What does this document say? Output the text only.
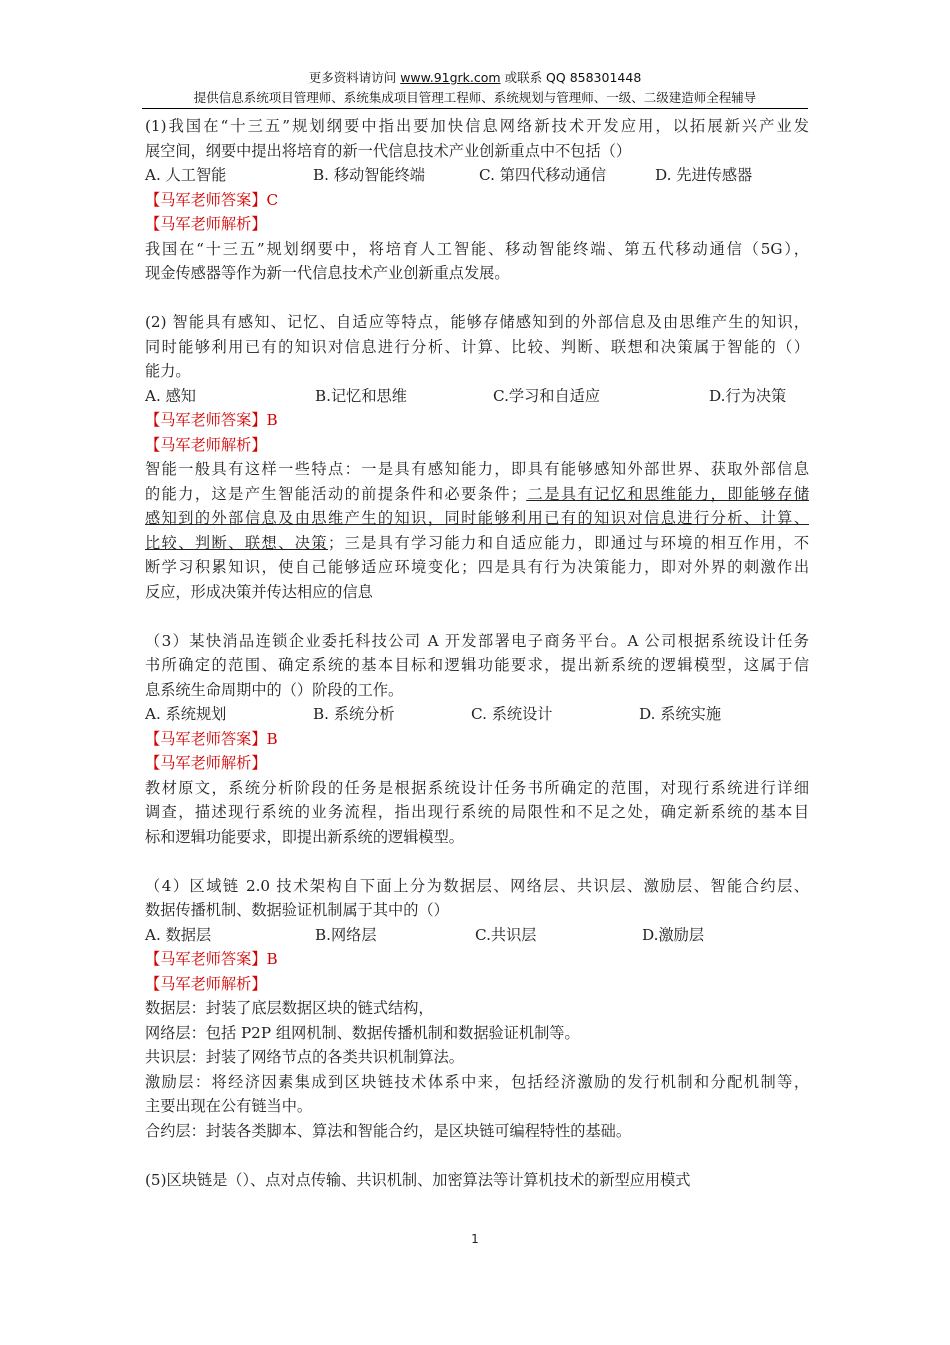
更多资料请访问 www.91grk.com 或联系 QQ 858301448
提供信息系统项目管理师、系统集成项目管理工程师、系统规划与管理师、一级、二级建造师全程辅导
(1)我国在“十三五”规划纲要中指出要加快信息网络新技术开发应用，以拓展新兴产业发
展空间，纲要中提出将培育的新一代信息技术产业创新重点中不包括（）
A. 人工智能	B. 移动智能终端	C. 第四代移动通信	D. 先进传感器
【马军老师答案】C
【马军老师解析】
我国在“十三五”规划纲要中，将培育人工智能、移动智能终端、第五代移动通信（5G），
现金传感器等作为新一代信息技术产业创新重点发展。
(2) 智能具有感知、记忆、自适应等特点，能够存储感知到的外部信息及由思维产生的知识，
同时能够利用已有的知识对信息进行分析、计算、比较、判断、联想和决策属于智能的（）
能力。
A. 感知	B.记忆和思维	C.学习和自适应	D.行为决策
【马军老师答案】B
【马军老师解析】
智能一般具有这样一些特点：一是具有感知能力，即具有能够感知外部世界、获取外部信息
的能力，这是产生智能活动的前提条件和必要条件；二是具有记忆和思维能力，即能够存储
感知到的外部信息及由思维产生的知识，同时能够利用已有的知识对信息进行分析、计算、
比较、判断、联想、决策；三是具有学习能力和自适应能力，即通过与环境的相互作用，不
断学习积累知识，使自己能够适应环境变化；四是具有行为决策能力，即对外界的刺激作出
反应，形成决策并传达相应的信息
（3）某快消品连锁企业委托科技公司 A 开发部署电子商务平台。A 公司根据系统设计任务
书所确定的范围、确定系统的基本目标和逻辑功能要求，提出新系统的逻辑模型，这属于信
息系统生命周期中的（）阶段的工作。
A. 系统规划	B. 系统分析	C. 系统设计	D. 系统实施
【马军老师答案】B
【马军老师解析】
教材原文，系统分析阶段的任务是根据系统设计任务书所确定的范围，对现行系统进行详细
调查，描述现行系统的业务流程，指出现行系统的局限性和不足之处，确定新系统的基本目
标和逻辑功能要求，即提出新系统的逻辑模型。
（4）区域链 2.0 技术架构自下面上分为数据层、网络层、共识层、激励层、智能合约层、
数据传播机制、数据验证机制属于其中的（）
A. 数据层	B.网络层	C.共识层	D.激励层
【马军老师答案】B
【马军老师解析】
数据层：封装了底层数据区块的链式结构，
网络层：包括 P2P 组网机制、数据传播机制和数据验证机制等。
共识层：封装了网络节点的各类共识机制算法。
激励层：将经济因素集成到区块链技术体系中来，包括经济激励的发行机制和分配机制等，
主要出现在公有链当中。
合约层：封装各类脚本、算法和智能合约，是区块链可编程特性的基础。
(5)区块链是（）、点对点传输、共识机制、加密算法等计算机技术的新型应用模式
1
